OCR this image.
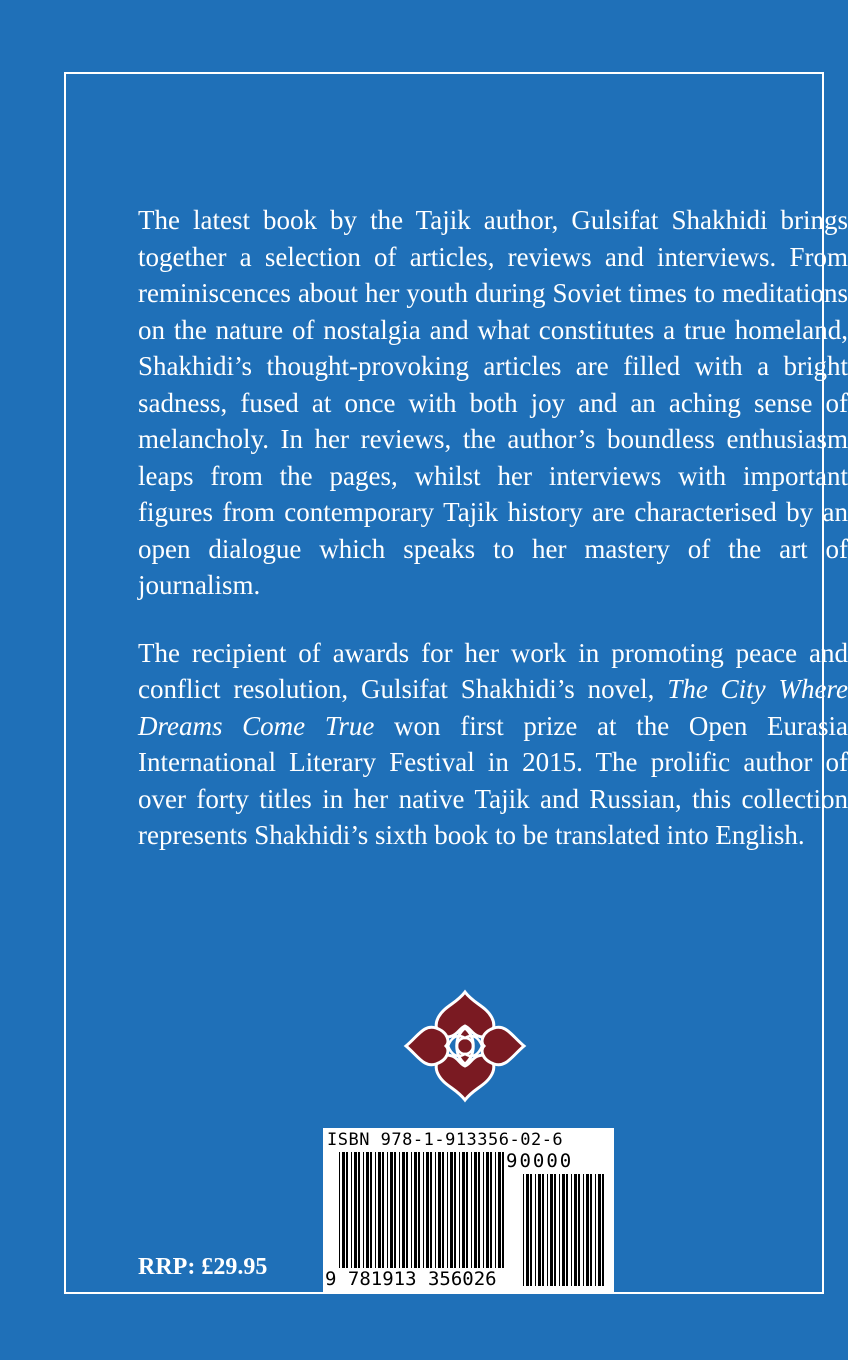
The latest book by the Tajik author, Gulsifat Shakhidi brings together a selection of articles, reviews and interviews. From reminiscences about her youth during Soviet times to meditations on the nature of nostalgia and what constitutes a true homeland, Shakhidi’s thought-provoking articles are filled with a bright sadness, fused at once with both joy and an aching sense of melancholy. In her reviews, the author’s boundless enthusiasm leaps from the pages, whilst her interviews with important figures from contemporary Tajik history are characterised by an open dialogue which speaks to her mastery of the art of journalism.

The recipient of awards for her work in promoting peace and conflict resolution, Gulsifat Shakhidi’s novel, The City Where Dreams Come True won first prize at the Open Eurasia International Literary Festival in 2015. The prolific author of over forty titles in her native Tajik and Russian, this collection represents Shakhidi’s sixth book to be translated into English.

ISBN 978-1-913356-02-6
90000
9 781913 356026
RRP: £29.95
